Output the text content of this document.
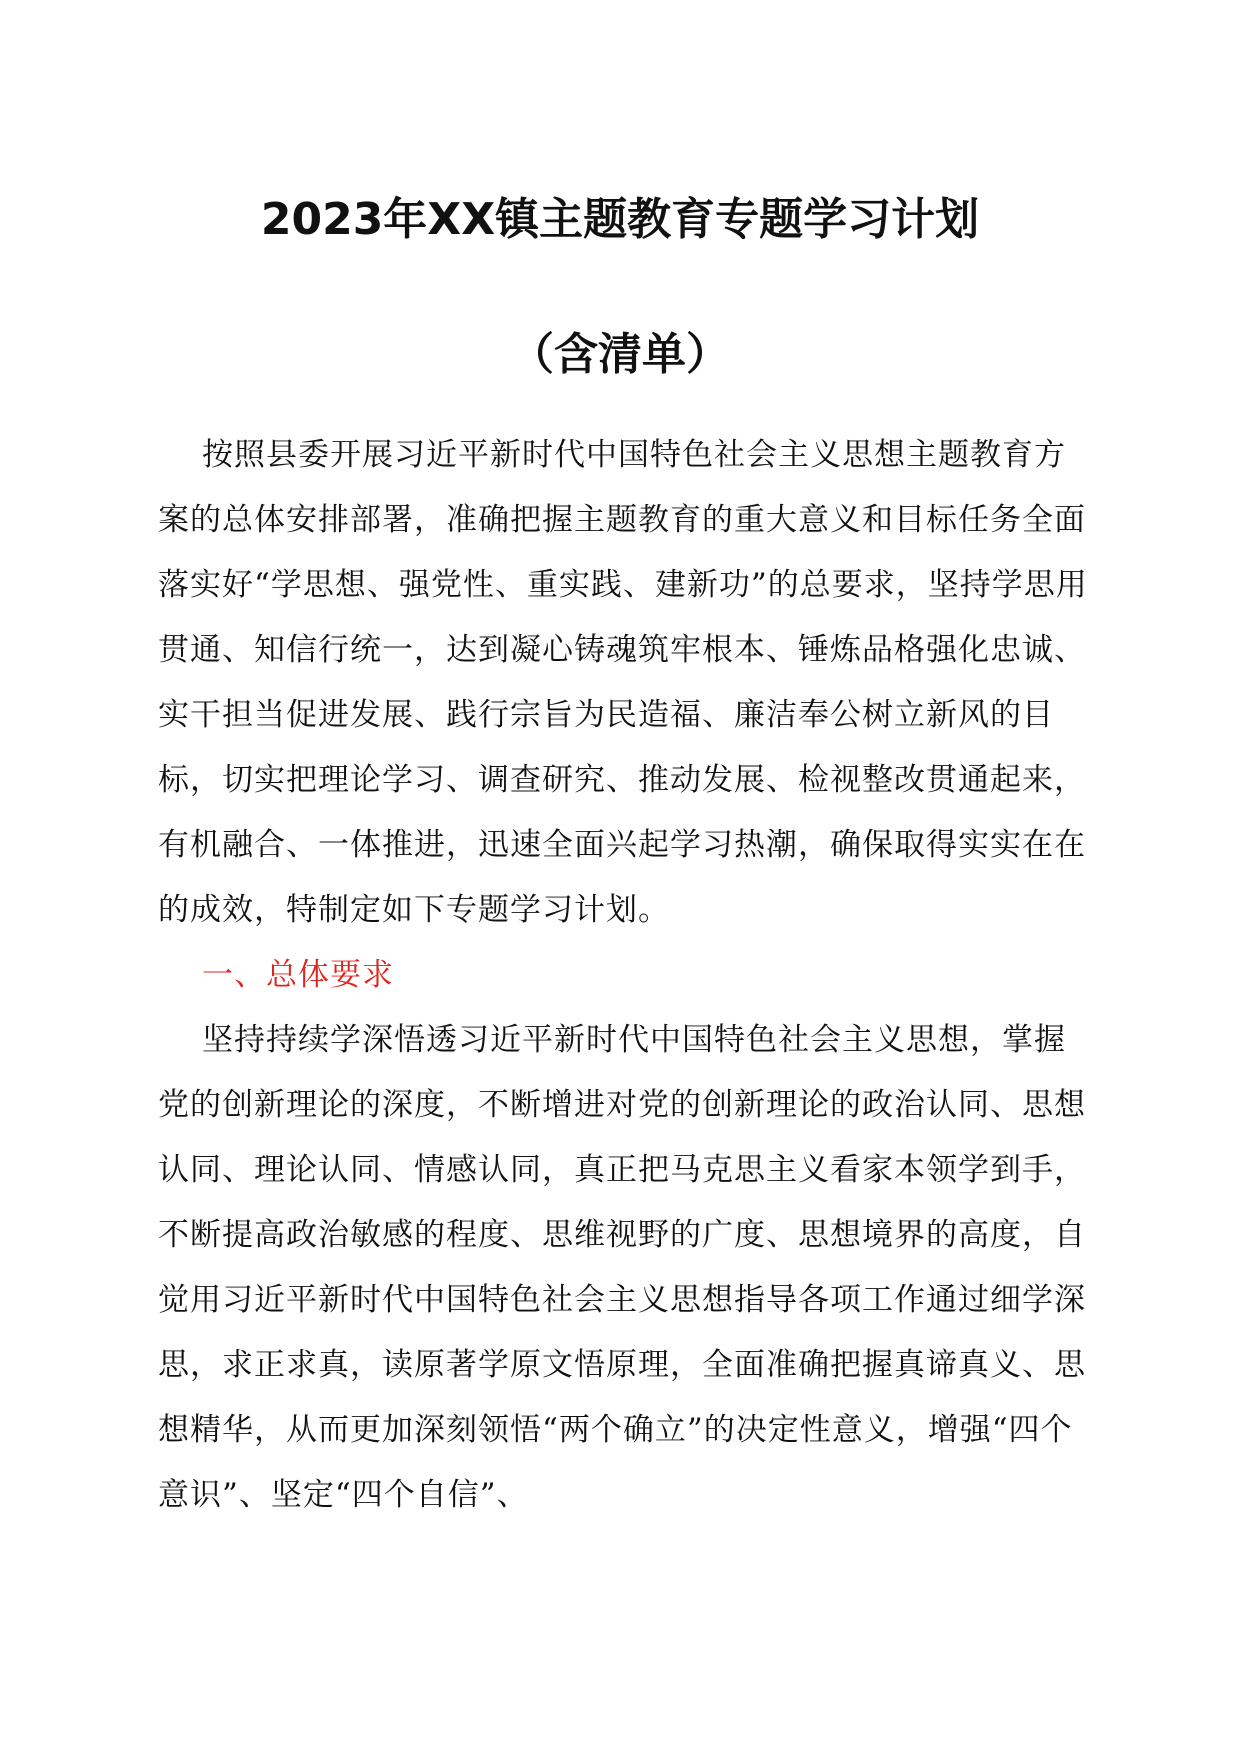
2023年XX镇主题教育专题学习计划
（含清单）

按照县委开展习近平新时代中国特色社会主义思想主题教育方案的总体安排部署，准确把握主题教育的重大意义和目标任务全面落实好“学思想、强党性、重实践、建新功”的总要求，坚持学思用贯通、知信行统一，达到凝心铸魂筑牢根本、锤炼品格强化忠诚、实干担当促进发展、践行宗旨为民造福、廉洁奉公树立新风的目标，切实把理论学习、调查研究、推动发展、检视整改贯通起来，有机融合、一体推进，迅速全面兴起学习热潮，确保取得实实在在的成效，特制定如下专题学习计划。

一、总体要求

坚持持续学深悟透习近平新时代中国特色社会主义思想，掌握党的创新理论的深度，不断增进对党的创新理论的政治认同、思想认同、理论认同、情感认同，真正把马克思主义看家本领学到手，不断提高政治敏感的程度、思维视野的广度、思想境界的高度，自觉用习近平新时代中国特色社会主义思想指导各项工作通过细学深思，求正求真，读原著学原文悟原理，全面准确把握真谛真义、思想精华，从而更加深刻领悟“两个确立”的决定性意义，增强“四个意识”、坚定“四个自信”、
